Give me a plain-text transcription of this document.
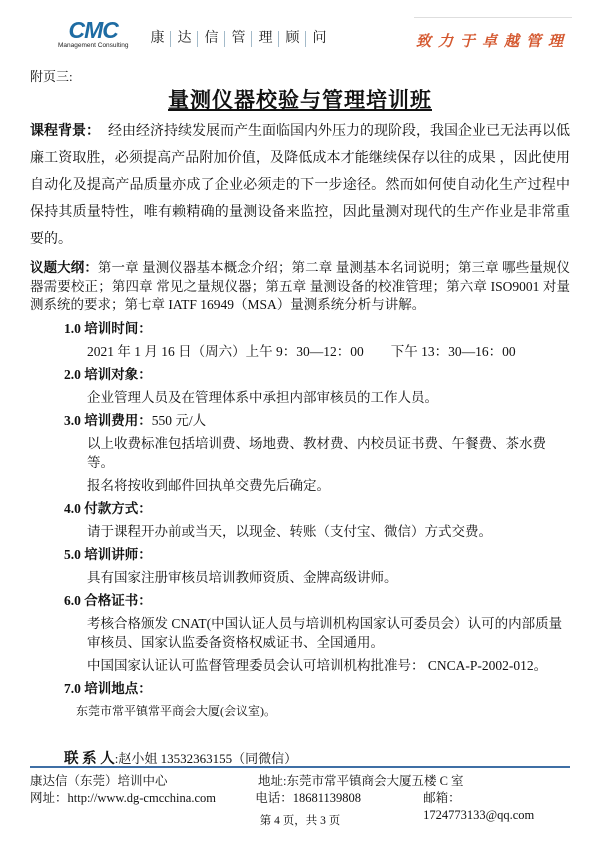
CMC
Management Consulting	康 达 信 管 理 顾 问	致力于卓越管理
附页三:
量测仪器校验与管理培训班

课程背景： 经由经济持续发展而产生面临国内外压力的现阶段，我国企业已无法再以低廉工资取胜，必须提高产品附加价值，及降低成本才能继续保存以往的成果 ，因此使用自动化及提高产品质量亦成了企业必须走的下一步途径。然而如何使自动化生产过程中保持其质量特性，唯有赖精确的量测设备来监控，因此量测对现代的生产作业是非常重要的。

议题大纲：第一章 量测仪器基本概念介绍；第二章 量测基本名词说明；第三章 哪些量规仪器需要校正；第四章 常见之量规仪器；第五章 量测设备的校准管理；第六章 ISO9001 对量测系统的要求；第七章 IATF 16949（MSA）量测系统分析与讲解。

1.0 培训时间：
2021 年 1 月 16 日（周六）上午 9：30—12：00　　下午 13：30—16：00
2.0 培训对象：
企业管理人员及在管理体系中承担内部审核员的工作人员。
3.0 培训费用：550 元/人
以上收费标准包括培训费、场地费、教材费、内校员证书费、午餐费、茶水费等。
报名将按收到邮件回执单交费先后确定。
4.0 付款方式：
请于课程开办前或当天，以现金、转账（支付宝、微信）方式交费。
5.0 培训讲师：
具有国家注册审核员培训教师资质、金牌高级讲师。
6.0 合格证书：
考核合格颁发 CNAT(中国认证人员与培训机构国家认可委员会）认可的内部质量审核员、国家认监委备资格权威证书、全国通用。
中国国家认证认可监督管理委员会认可培训机构批准号： CNCA-P-2002-012。
7.0 培训地点：
东莞市常平镇常平商会大厦(会议室)。
联 系 人:赵小姐 13532363155（同微信）
康达信（东莞）培训中心	地址:东莞市常平镇商会大厦五楼 C 室
网址：http://www.dg-cmcchina.com	电话：18681139808	邮箱：1724773133@qq.com
第 4 页，共 3 页
